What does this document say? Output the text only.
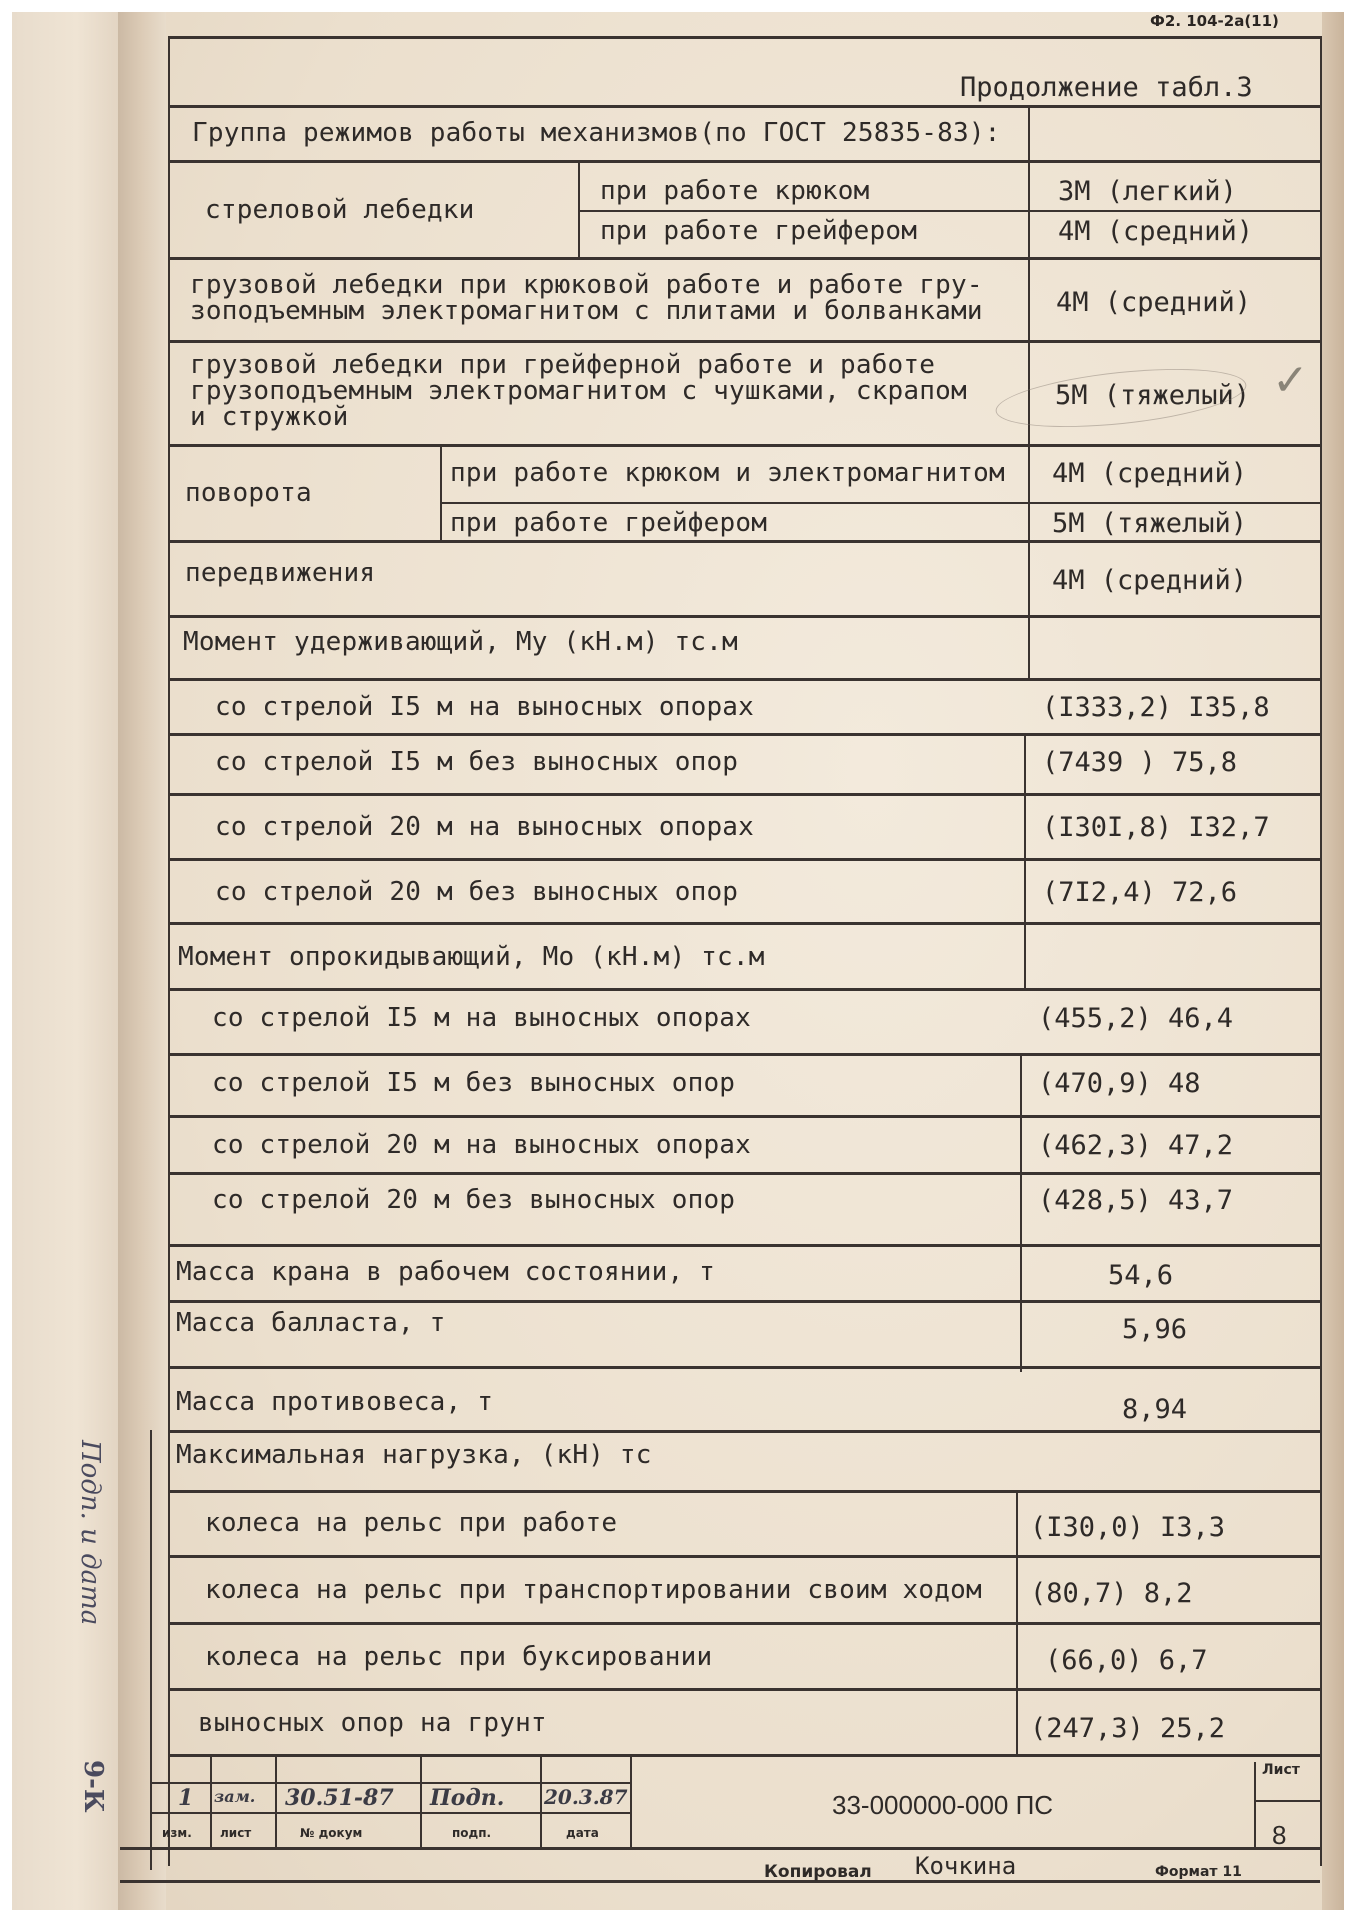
Ф2. 104-2а(11)
Продолжение табл.3
Группа режимов работы механизмов(по ГОСТ 25835-83):
стреловой лебедки
при работе крюком	3М (легкий)
при работе грейфером	4М (средний)
грузовой лебедки при крюковой работе и работе гру-
зоподъемным электромагнитом с плитами и болванками	4М (средний)
грузовой лебедки при грейферной работе и работе
грузоподъемным электромагнитом с чушками, скрапом
и стружкой
5М (тяжелый) ✓
поворота
при работе крюком и электромагнитом 4М (средний)
при работе грейфером	5М (тяжелый)
передвижения	4М (средний)
Момент удерживающий, Му (кН.м) тс.м
со стрелой I5 м на выносных опорах	(I333,2) I35,8
со стрелой I5 м без выносных опор	(7439 ) 75,8
со стрелой 20 м на выносных опорах	(I30I,8) I32,7
со стрелой 20 м без выносных опор	(7I2,4) 72,6
Момент опрокидывающий, Мо (кН.м) тс.м
со стрелой I5 м на выносных опорах	(455,2) 46,4
со стрелой I5 м без выносных опор	(470,9) 48
со стрелой 20 м на выносных опорах	(462,3) 47,2
со стрелой 20 м без выносных опор	(428,5) 43,7
Масса крана в рабочем состоянии, т	54,6
Масса балласта, т	5,96
Масса противовеса, т	8,94
Максимальная нагрузка, (кН) тс
колеса на рельс при работе	(I30,0) I3,3
колеса на рельс при транспортировании своим ходом (80,7) 8,2
колеса на рельс при буксировании	(66,0) 6,7
выносных опор на грунт	(247,3) 25,2
1 зам. 30.51-87 Подп. 20.3.87
изм. лист	№ докум	подп.	дата
33-000000-000 ПС
Лист
8
Копировал Кочкина	Формат 11
Подп. и дата
9-К
